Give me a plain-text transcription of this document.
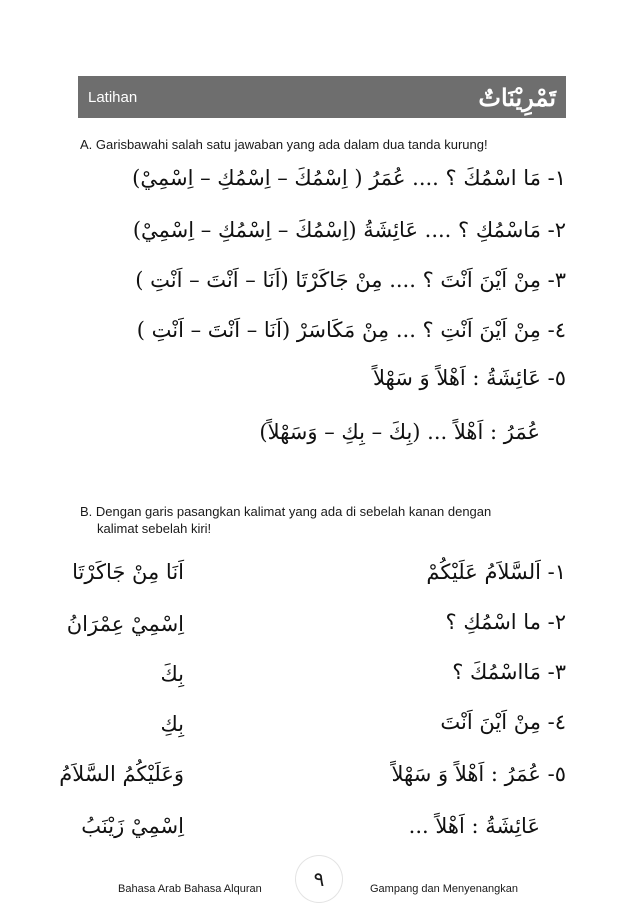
Latihan	تَمْرِيْنَاتٌ
A. Garisbawahi salah satu jawaban yang ada dalam dua tanda kurung!
١- مَا اسْمُكَ ؟ .... عُمَرُ ( اِسْمُكَ – اِسْمُكِ – اِسْمِيْ)
٢- مَاسْمُكِ ؟ .... عَائِشَةُ (اِسْمُكَ – اِسْمُكِ – اِسْمِيْ)
٣- مِنْ اَيْنَ اَنْتَ ؟ .... مِنْ جَاكَرْتَا (اَنَا – اَنْتَ – اَنْتِ )
٤- مِنْ اَيْنَ اَنْتِ ؟ ... مِنْ مَكَاسَرْ (اَنَا – اَنْتَ – اَنْتِ )
٥- عَائِشَةُ : اَهْلاً وَ سَهْلاً
عُمَرُ : اَهْلاً ... (بِكَ – بِكِ – وَسَهْلاً)
B. Dengan garis pasangkan kalimat yang ada di sebelah kanan dengan
kalimat sebelah kiri!
١- اَلسَّلاَمُ عَلَيْكُمْ
٢- ما اسْمُكِ ؟
٣- مَااسْمُكَ ؟
٤- مِنْ اَيْنَ اَنْتَ
٥- عُمَرُ : اَهْلاً وَ سَهْلاً
عَائِشَةُ : اَهْلاً ...
اَنَا مِنْ جَاكَرْتَا
اِسْمِيْ عِمْرَانُ
بِكَ
بِكِ
وَعَلَيْكُمُ السَّلاَمُ
اِسْمِيْ زَيْنَبُ
Bahasa Arab Bahasa Alquran	٩	Gampang dan Menyenangkan
